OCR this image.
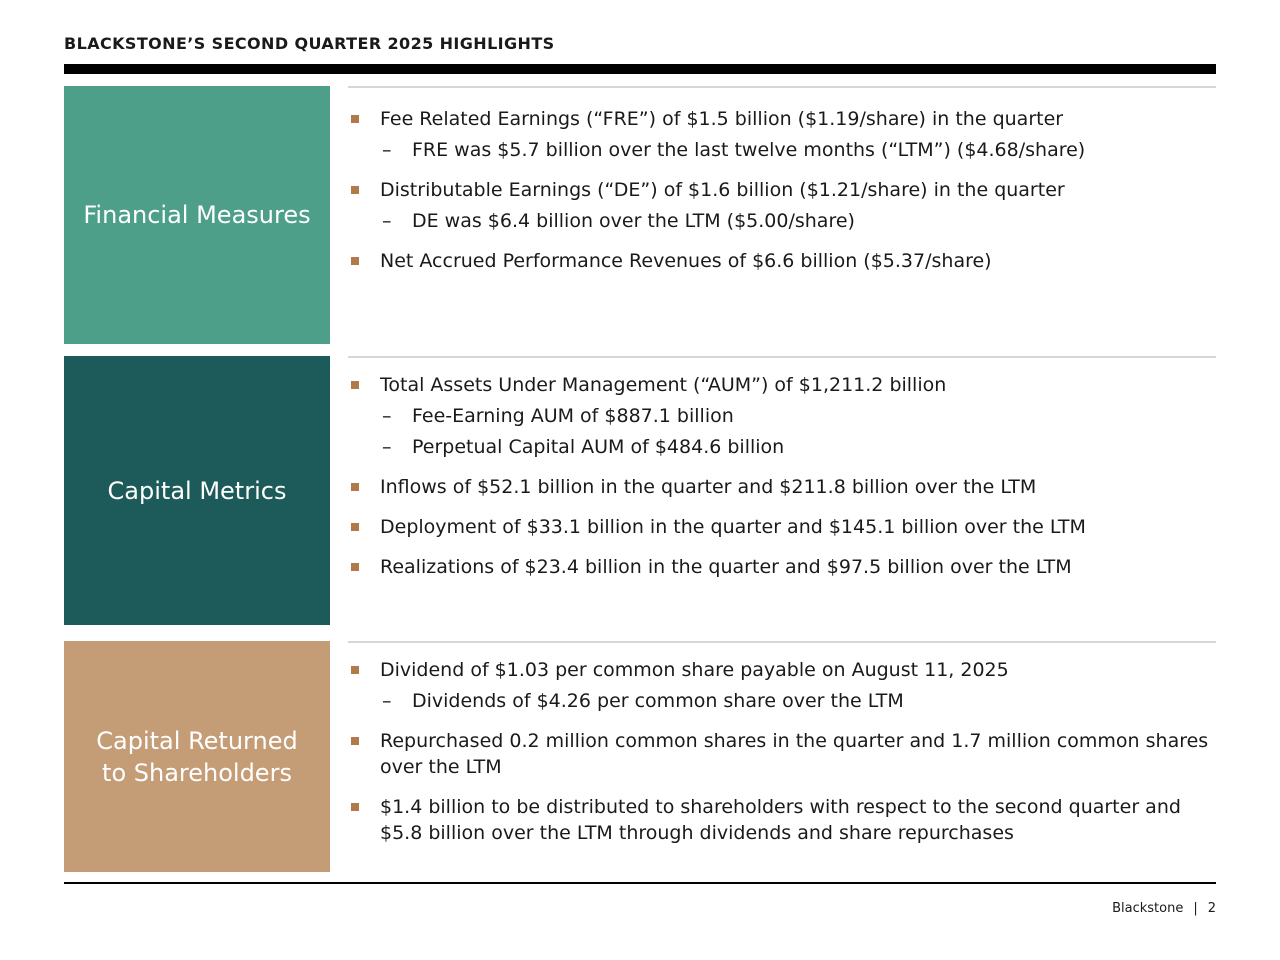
BLACKSTONE’S SECOND QUARTER 2025 HIGHLIGHTS
Financial Measures
Fee Related Earnings (“FRE”) of $1.5 billion ($1.19/share) in the quarter
– FRE was $5.7 billion over the last twelve months (“LTM”) ($4.68/share)
Distributable Earnings (“DE”) of $1.6 billion ($1.21/share) in the quarter
– DE was $6.4 billion over the LTM ($5.00/share)
Net Accrued Performance Revenues of $6.6 billion ($5.37/share)
Capital Metrics
Total Assets Under Management (“AUM”) of $1,211.2 billion
– Fee-Earning AUM of $887.1 billion
– Perpetual Capital AUM of $484.6 billion
Inflows of $52.1 billion in the quarter and $211.8 billion over the LTM
Deployment of $33.1 billion in the quarter and $145.1 billion over the LTM
Realizations of $23.4 billion in the quarter and $97.5 billion over the LTM
Capital Returned
to Shareholders
Dividend of $1.03 per common share payable on August 11, 2025
– Dividends of $4.26 per common share over the LTM
Repurchased 0.2 million common shares in the quarter and 1.7 million common shares over the LTM
$1.4 billion to be distributed to shareholders with respect to the second quarter and $5.8 billion over the LTM through dividends and share repurchases
Blackstone | 2
